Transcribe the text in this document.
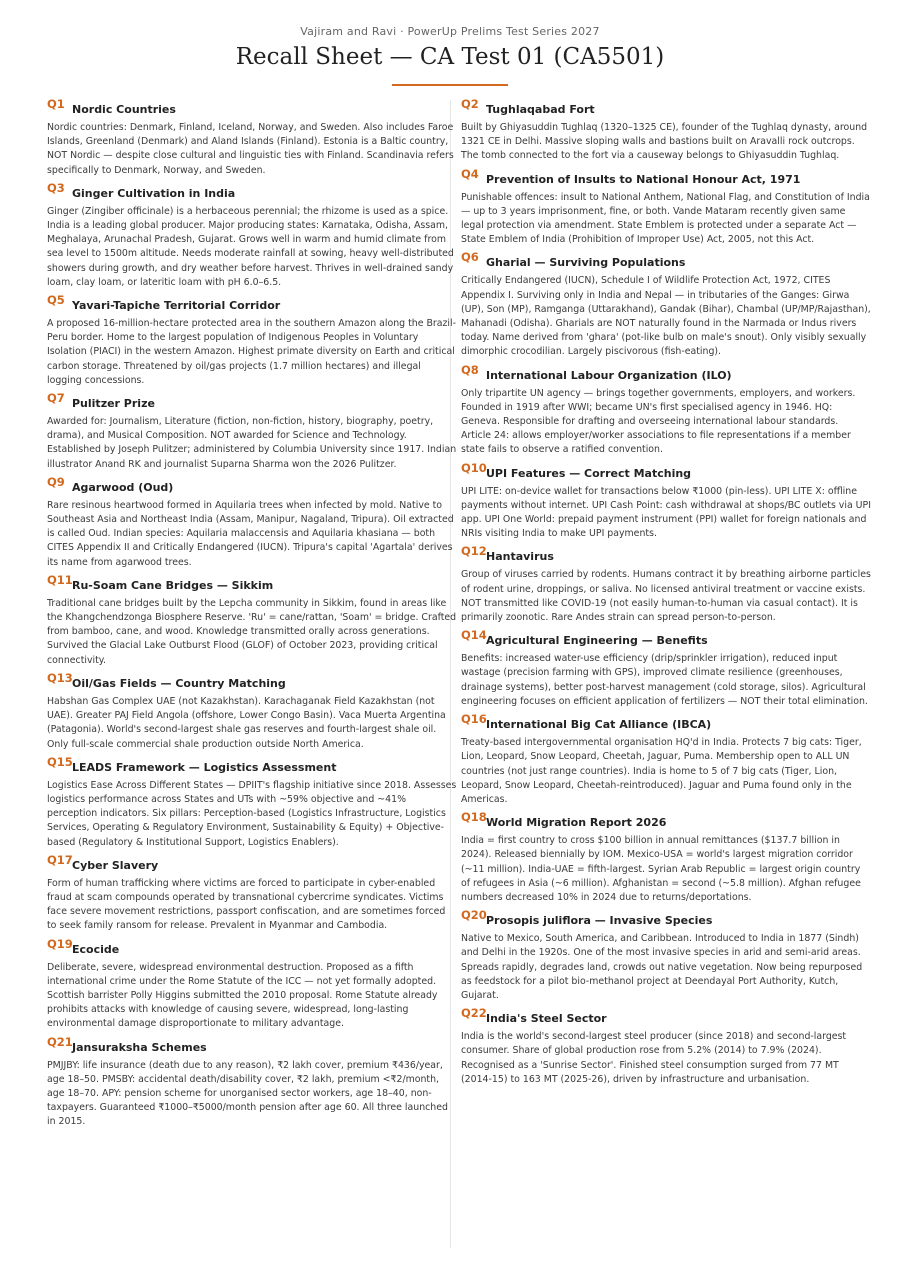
Vajiram and Ravi · PowerUp Prelims Test Series 2027
Recall Sheet — CA Test 01 (CA5501)
Q1 Nordic Countries
Nordic countries: Denmark, Finland, Iceland, Norway, and Sweden. Also includes Faroe Islands, Greenland (Denmark) and Aland Islands (Finland). Estonia is a Baltic country, NOT Nordic — despite close cultural and linguistic ties with Finland. Scandinavia refers specifically to Denmark, Norway, and Sweden.
Q3 Ginger Cultivation in India
Ginger (Zingiber officinale) is a herbaceous perennial; the rhizome is used as a spice. India is a leading global producer. Major producing states: Karnataka, Odisha, Assam, Meghalaya, Arunachal Pradesh, Gujarat. Grows well in warm and humid climate from sea level to 1500m altitude. Needs moderate rainfall at sowing, heavy well-distributed showers during growth, and dry weather before harvest. Thrives in well-drained sandy loam, clay loam, or lateritic loam with pH 6.0–6.5.
Q5 Yavari-Tapiche Territorial Corridor
A proposed 16-million-hectare protected area in the southern Amazon along the Brazil-Peru border. Home to the largest population of Indigenous Peoples in Voluntary Isolation (PIACI) in the western Amazon. Highest primate diversity on Earth and critical carbon storage. Threatened by oil/gas projects (1.7 million hectares) and illegal logging concessions.
Q7 Pulitzer Prize
Awarded for: Journalism, Literature (fiction, non-fiction, history, biography, poetry, drama), and Musical Composition. NOT awarded for Science and Technology. Established by Joseph Pulitzer; administered by Columbia University since 1917. Indian illustrator Anand RK and journalist Suparna Sharma won the 2026 Pulitzer.
Q9 Agarwood (Oud)
Rare resinous heartwood formed in Aquilaria trees when infected by mold. Native to Southeast Asia and Northeast India (Assam, Manipur, Nagaland, Tripura). Oil extracted is called Oud. Indian species: Aquilaria malaccensis and Aquilaria khasiana — both CITES Appendix II and Critically Endangered (IUCN). Tripura's capital 'Agartala' derives its name from agarwood trees.
Q11 Ru-Soam Cane Bridges — Sikkim
Traditional cane bridges built by the Lepcha community in Sikkim, found in areas like the Khangchendzonga Biosphere Reserve. 'Ru' = cane/rattan, 'Soam' = bridge. Crafted from bamboo, cane, and wood. Knowledge transmitted orally across generations. Survived the Glacial Lake Outburst Flood (GLOF) of October 2023, providing critical connectivity.
Q13 Oil/Gas Fields — Country Matching
Habshan Gas Complex UAE (not Kazakhstan). Karachaganak Field Kazakhstan (not UAE). Greater PAJ Field Angola (offshore, Lower Congo Basin). Vaca Muerta Argentina (Patagonia). World's second-largest shale gas reserves and fourth-largest shale oil. Only full-scale commercial shale production outside North America.
Q15 LEADS Framework — Logistics Assessment
Logistics Ease Across Different States — DPIIT's flagship initiative since 2018. Assesses logistics performance across States and UTs with ~59% objective and ~41% perception indicators. Six pillars: Perception-based (Logistics Infrastructure, Logistics Services, Operating & Regulatory Environment, Sustainability & Equity) + Objective-based (Regulatory & Institutional Support, Logistics Enablers).
Q17 Cyber Slavery
Form of human trafficking where victims are forced to participate in cyber-enabled fraud at scam compounds operated by transnational cybercrime syndicates. Victims face severe movement restrictions, passport confiscation, and are sometimes forced to seek family ransom for release. Prevalent in Myanmar and Cambodia.
Q19 Ecocide
Deliberate, severe, widespread environmental destruction. Proposed as a fifth international crime under the Rome Statute of the ICC — not yet formally adopted. Scottish barrister Polly Higgins submitted the 2010 proposal. Rome Statute already prohibits attacks with knowledge of causing severe, widespread, long-lasting environmental damage disproportionate to military advantage.
Q21 Jansuraksha Schemes
PMJJBY: life insurance (death due to any reason), ₹2 lakh cover, premium ₹436/year, age 18–50. PMSBY: accidental death/disability cover, ₹2 lakh, premium <₹2/month, age 18–70. APY: pension scheme for unorganised sector workers, age 18–40, non-taxpayers. Guaranteed ₹1000–₹5000/month pension after age 60. All three launched in 2015.
Q2 Tughlaqabad Fort
Built by Ghiyasuddin Tughlaq (1320–1325 CE), founder of the Tughlaq dynasty, around 1321 CE in Delhi. Massive sloping walls and bastions built on Aravalli rock outcrops. The tomb connected to the fort via a causeway belongs to Ghiyasuddin Tughlaq.
Q4 Prevention of Insults to National Honour Act, 1971
Punishable offences: insult to National Anthem, National Flag, and Constitution of India — up to 3 years imprisonment, fine, or both. Vande Mataram recently given same legal protection via amendment. State Emblem is protected under a separate Act — State Emblem of India (Prohibition of Improper Use) Act, 2005, not this Act.
Q6 Gharial — Surviving Populations
Critically Endangered (IUCN), Schedule I of Wildlife Protection Act, 1972, CITES Appendix I. Surviving only in India and Nepal — in tributaries of the Ganges: Girwa (UP), Son (MP), Ramganga (Uttarakhand), Gandak (Bihar), Chambal (UP/MP/Rajasthan), Mahanadi (Odisha). Gharials are NOT naturally found in the Narmada or Indus rivers today. Name derived from 'ghara' (pot-like bulb on male's snout). Only visibly sexually dimorphic crocodilian. Largely piscivorous (fish-eating).
Q8 International Labour Organization (ILO)
Only tripartite UN agency — brings together governments, employers, and workers. Founded in 1919 after WWI; became UN's first specialised agency in 1946. HQ: Geneva. Responsible for drafting and overseeing international labour standards. Article 24: allows employer/worker associations to file representations if a member state fails to observe a ratified convention.
Q10 UPI Features — Correct Matching
UPI LITE: on-device wallet for transactions below ₹1000 (pin-less). UPI LITE X: offline payments without internet. UPI Cash Point: cash withdrawal at shops/BC outlets via UPI app. UPI One World: prepaid payment instrument (PPI) wallet for foreign nationals and NRIs visiting India to make UPI payments.
Q12 Hantavirus
Group of viruses carried by rodents. Humans contract it by breathing airborne particles of rodent urine, droppings, or saliva. No licensed antiviral treatment or vaccine exists. NOT transmitted like COVID-19 (not easily human-to-human via casual contact). It is primarily zoonotic. Rare Andes strain can spread person-to-person.
Q14 Agricultural Engineering — Benefits
Benefits: increased water-use efficiency (drip/sprinkler irrigation), reduced input wastage (precision farming with GPS), improved climate resilience (greenhouses, drainage systems), better post-harvest management (cold storage, silos). Agricultural engineering focuses on efficient application of fertilizers — NOT their total elimination.
Q16 International Big Cat Alliance (IBCA)
Treaty-based intergovernmental organisation HQ'd in India. Protects 7 big cats: Tiger, Lion, Leopard, Snow Leopard, Cheetah, Jaguar, Puma. Membership open to ALL UN countries (not just range countries). India is home to 5 of 7 big cats (Tiger, Lion, Leopard, Snow Leopard, Cheetah-reintroduced). Jaguar and Puma found only in the Americas.
Q18 World Migration Report 2026
India = first country to cross $100 billion in annual remittances ($137.7 billion in 2024). Released biennially by IOM. Mexico-USA = world's largest migration corridor (~11 million). India-UAE = fifth-largest. Syrian Arab Republic = largest origin country of refugees in Asia (~6 million). Afghanistan = second (~5.8 million). Afghan refugee numbers decreased 10% in 2024 due to returns/deportations.
Q20 Prosopis juliflora — Invasive Species
Native to Mexico, South America, and Caribbean. Introduced to India in 1877 (Sindh) and Delhi in the 1920s. One of the most invasive species in arid and semi-arid areas. Spreads rapidly, degrades land, crowds out native vegetation. Now being repurposed as feedstock for a pilot bio-methanol project at Deendayal Port Authority, Kutch, Gujarat.
Q22 India's Steel Sector
India is the world's second-largest steel producer (since 2018) and second-largest consumer. Share of global production rose from 5.2% (2014) to 7.9% (2024). Recognised as a 'Sunrise Sector'. Finished steel consumption surged from 77 MT (2014-15) to 163 MT (2025-26), driven by infrastructure and urbanisation.
